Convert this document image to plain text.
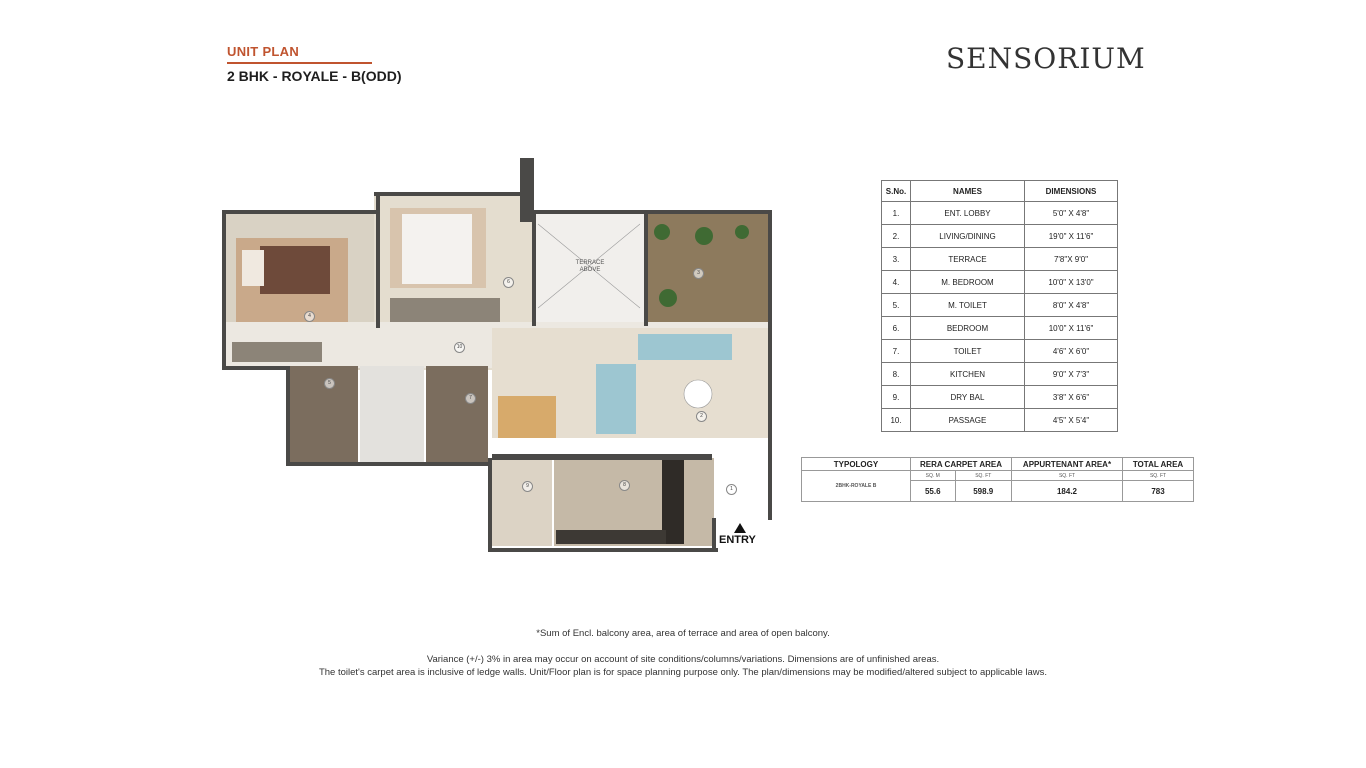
UNIT PLAN
2 BHK - ROYALE - B(ODD)
SENSORIUM
TERRACE ABOVE
1
2
3
4
5
6
7
8
9
10
ENTRY
S.No.	NAMES	DIMENSIONS
1.	ENT. LOBBY	5'0" X 4'8"
2.	LIVING/DINING	19'0" X 11'6"
3.	TERRACE	7'8"X 9'0"
4.	M. BEDROOM	10'0" X 13'0"
5.	M. TOILET	8'0" X 4'8"
6.	BEDROOM	10'0" X 11'6"
7.	TOILET	4'6" X 6'0"
8.	KITCHEN	9'0" X 7'3"
9.	DRY BAL	3'8" X 6'6"
10.	PASSAGE	4'5" X 5'4"
TYPOLOGY	RERA CARPET AREA		APPURTENANT AREA*	TOTAL AREA
2BHK-ROYALE B	SQ. M	SQ. FT	SQ. FT	SQ. FT
	55.6	598.9	184.2	783
*Sum of Encl. balcony area, area of terrace and area of open balcony.
Variance (+/-) 3% in area may occur on account of site conditions/columns/variations. Dimensions are of unfinished areas.
The toilet's carpet area is inclusive of ledge walls. Unit/Floor plan is for space planning purpose only. The plan/dimensions may be modified/altered subject to applicable laws.
